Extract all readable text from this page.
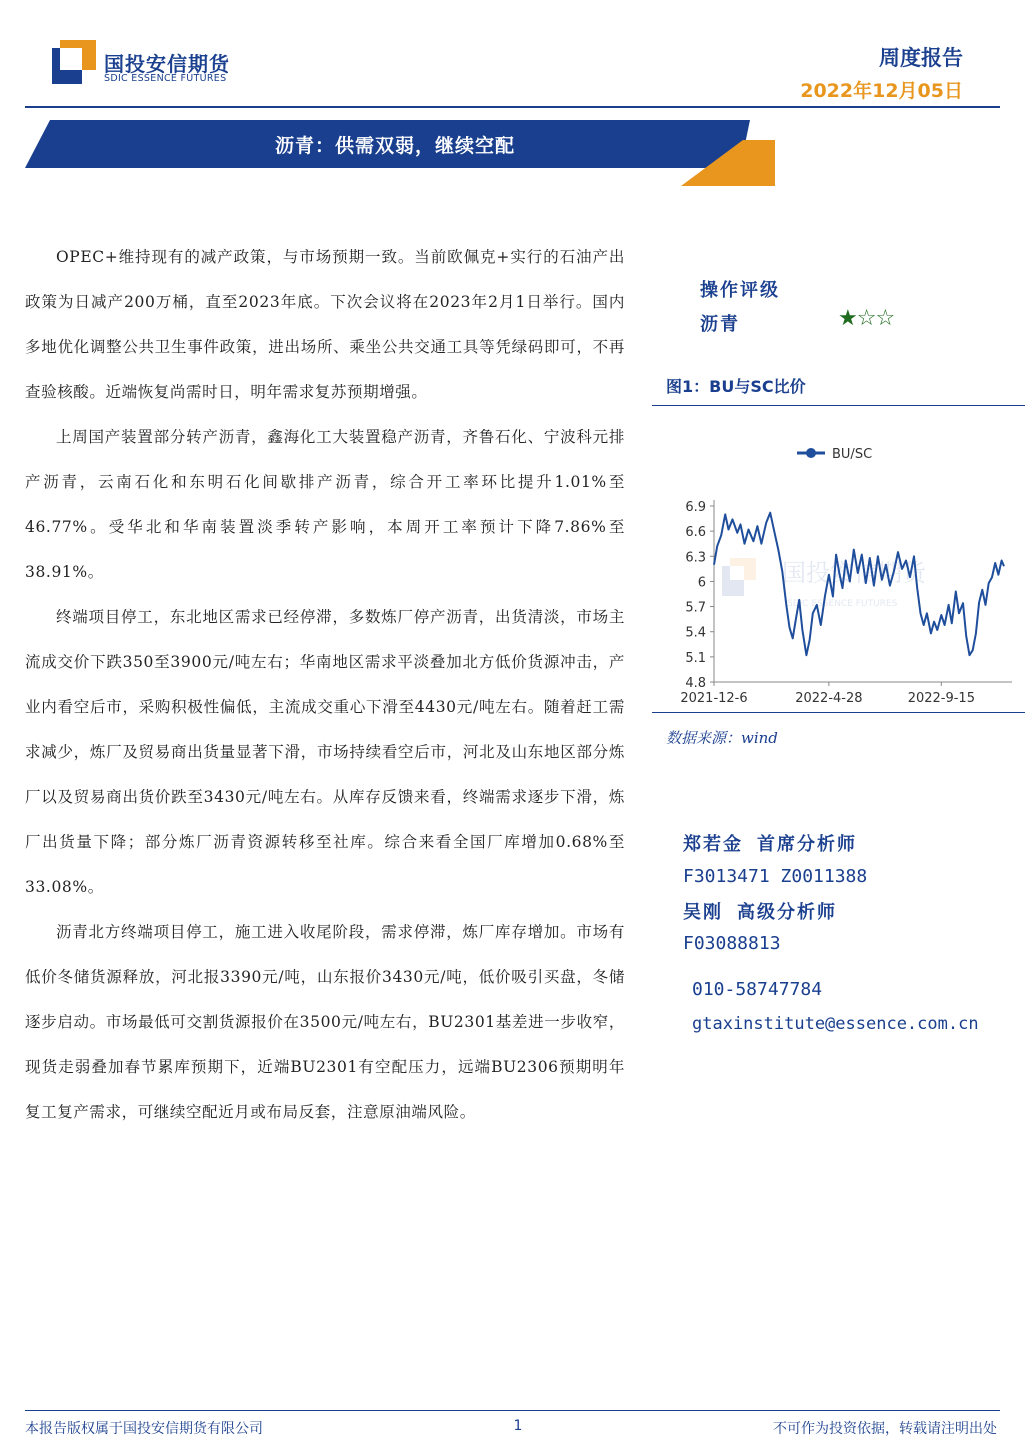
国投安信期货
SDIC ESSENCE FUTURES
周度报告
2022年12月05日
沥青：供需双弱，继续空配
沥青周报

OPEC+维持现有的减产政策，与市场预期一致。当前欧佩克+实行的石油产出政策为日减产200万桶，直至2023年底。下次会议将在2023年2月1日举行。国内多地优化调整公共卫生事件政策，进出场所、乘坐公共交通工具等凭绿码即可，不再查验核酸。近端恢复尚需时日，明年需求复苏预期增强。

上周国产装置部分转产沥青，鑫海化工大装置稳产沥青，齐鲁石化、宁波科元排产沥青，云南石化和东明石化间歇排产沥青，综合开工率环比提升1.01%至46.77%。受华北和华南装置淡季转产影响，本周开工率预计下降7.86%至38.91%。

终端项目停工，东北地区需求已经停滞，多数炼厂停产沥青，出货清淡，市场主流成交价下跌350至3900元/吨左右；华南地区需求平淡叠加北方低价货源冲击，产业内看空后市，采购积极性偏低，主流成交重心下滑至4430元/吨左右。随着赶工需求减少，炼厂及贸易商出货量显著下滑，市场持续看空后市，河北及山东地区部分炼厂以及贸易商出货价跌至3430元/吨左右。从库存反馈来看，终端需求逐步下滑，炼厂出货量下降；部分炼厂沥青资源转移至社库。综合来看全国厂库增加0.68%至33.08%。

沥青北方终端项目停工，施工进入收尾阶段，需求停滞，炼厂库存增加。市场有低价冬储货源释放，河北报3390元/吨，山东报价3430元/吨，低价吸引买盘，冬储逐步启动。市场最低可交割货源报价在3500元/吨左右，BU2301基差进一步收窄，现货走弱叠加春节累库预期下，近端BU2301有空配压力，远端BU2306预期明年复工复产需求，可继续空配近月或布局反套，注意原油端风险。

操作评级
沥青	★☆☆
图1：BU与SC比价
国投安信期货
SDIC ESSENCE FUTURES
BU/SC
4.8
5.1
5.4
5.7
6
6.3
6.6
6.9
2021-12-6	2022-4-28	2022-9-15
数据来源：wind
郑若金 首席分析师
F3013471 Z0011388
吴刚 高级分析师
F03088813
010-58747784
gtaxinstitute@essence.com.cn
本报告版权属于国投安信期货有限公司	1	不可作为投资依据，转载请注明出处
